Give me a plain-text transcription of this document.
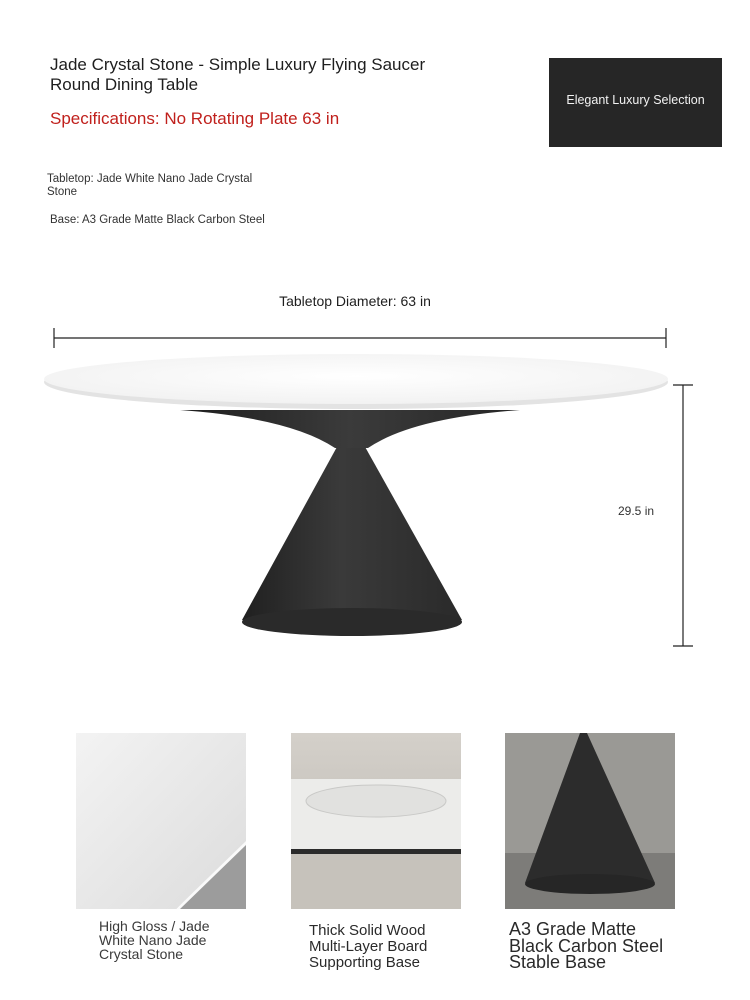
Jade Crystal Stone - Simple Luxury Flying Saucer Round Dining Table
Specifications: No Rotating Plate 63 in
Tabletop: Jade White Nano Jade Crystal Stone
Base: A3 Grade Matte Black Carbon Steel
Elegant Luxury Selection
Tabletop Diameter: 63 in
29.5 in
High Gloss / Jade White Nano Jade Crystal Stone
Thick Solid Wood Multi-Layer Board Supporting Base
A3 Grade Matte Black Carbon Steel Stable Base
